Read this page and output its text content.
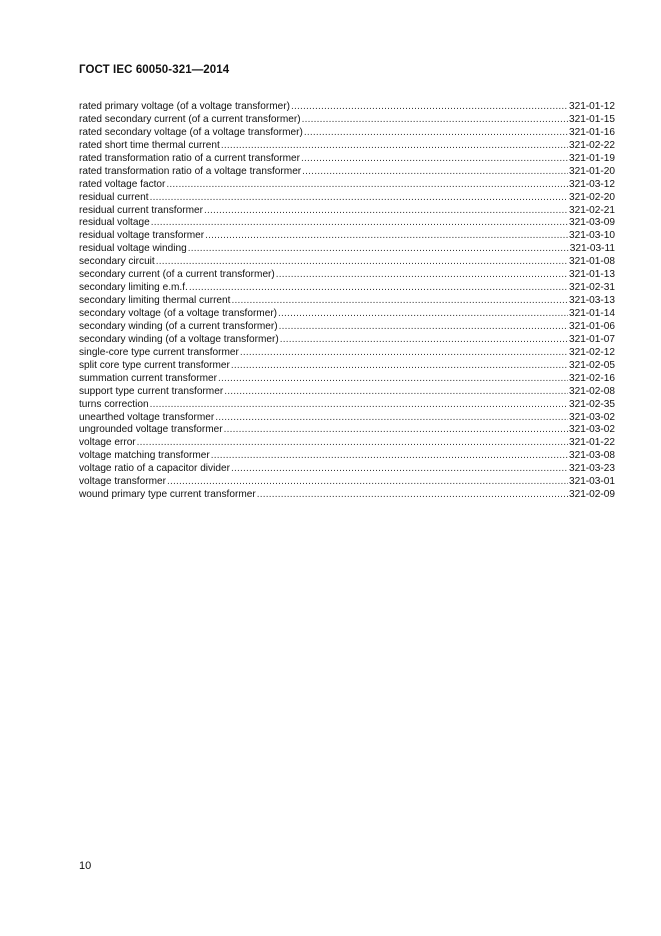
ГОСТ IEC 60050-321—2014
rated primary voltage (of a voltage transformer) .....	321-01-12
rated secondary current (of a current transformer) .....	321-01-15
rated secondary voltage (of a voltage transformer) .....	321-01-16
rated short time thermal current .....	321-02-22
rated transformation ratio of a current transformer .....	321-01-19
rated transformation ratio of a voltage transformer .....	321-01-20
rated voltage factor .....	321-03-12
residual current .....	321-02-20
residual current transformer .....	321-02-21
residual voltage .....	321-03-09
residual voltage transformer .....	321-03-10
residual voltage winding .....	321-03-11
secondary circuit .....	321-01-08
secondary current (of a current transformer) .....	321-01-13
secondary limiting e.m.f. .....	321-02-31
secondary limiting thermal current .....	321-03-13
secondary voltage (of a voltage transformer) .....	321-01-14
secondary winding (of a current transformer) .....	321-01-06
secondary winding (of a voltage transformer) .....	321-01-07
single-core type current transformer .....	321-02-12
split core type current transformer .....	321-02-05
summation current transformer .....	321-02-16
support type current transformer .....	321-02-08
turns correction .....	321-02-35
unearthed voltage transformer .....	321-03-02
ungrounded voltage transformer .....	321-03-02
voltage error .....	321-01-22
voltage matching transformer .....	321-03-08
voltage ratio of a capacitor divider .....	321-03-23
voltage transformer .....	321-03-01
wound primary type current transformer .....	321-02-09

10
